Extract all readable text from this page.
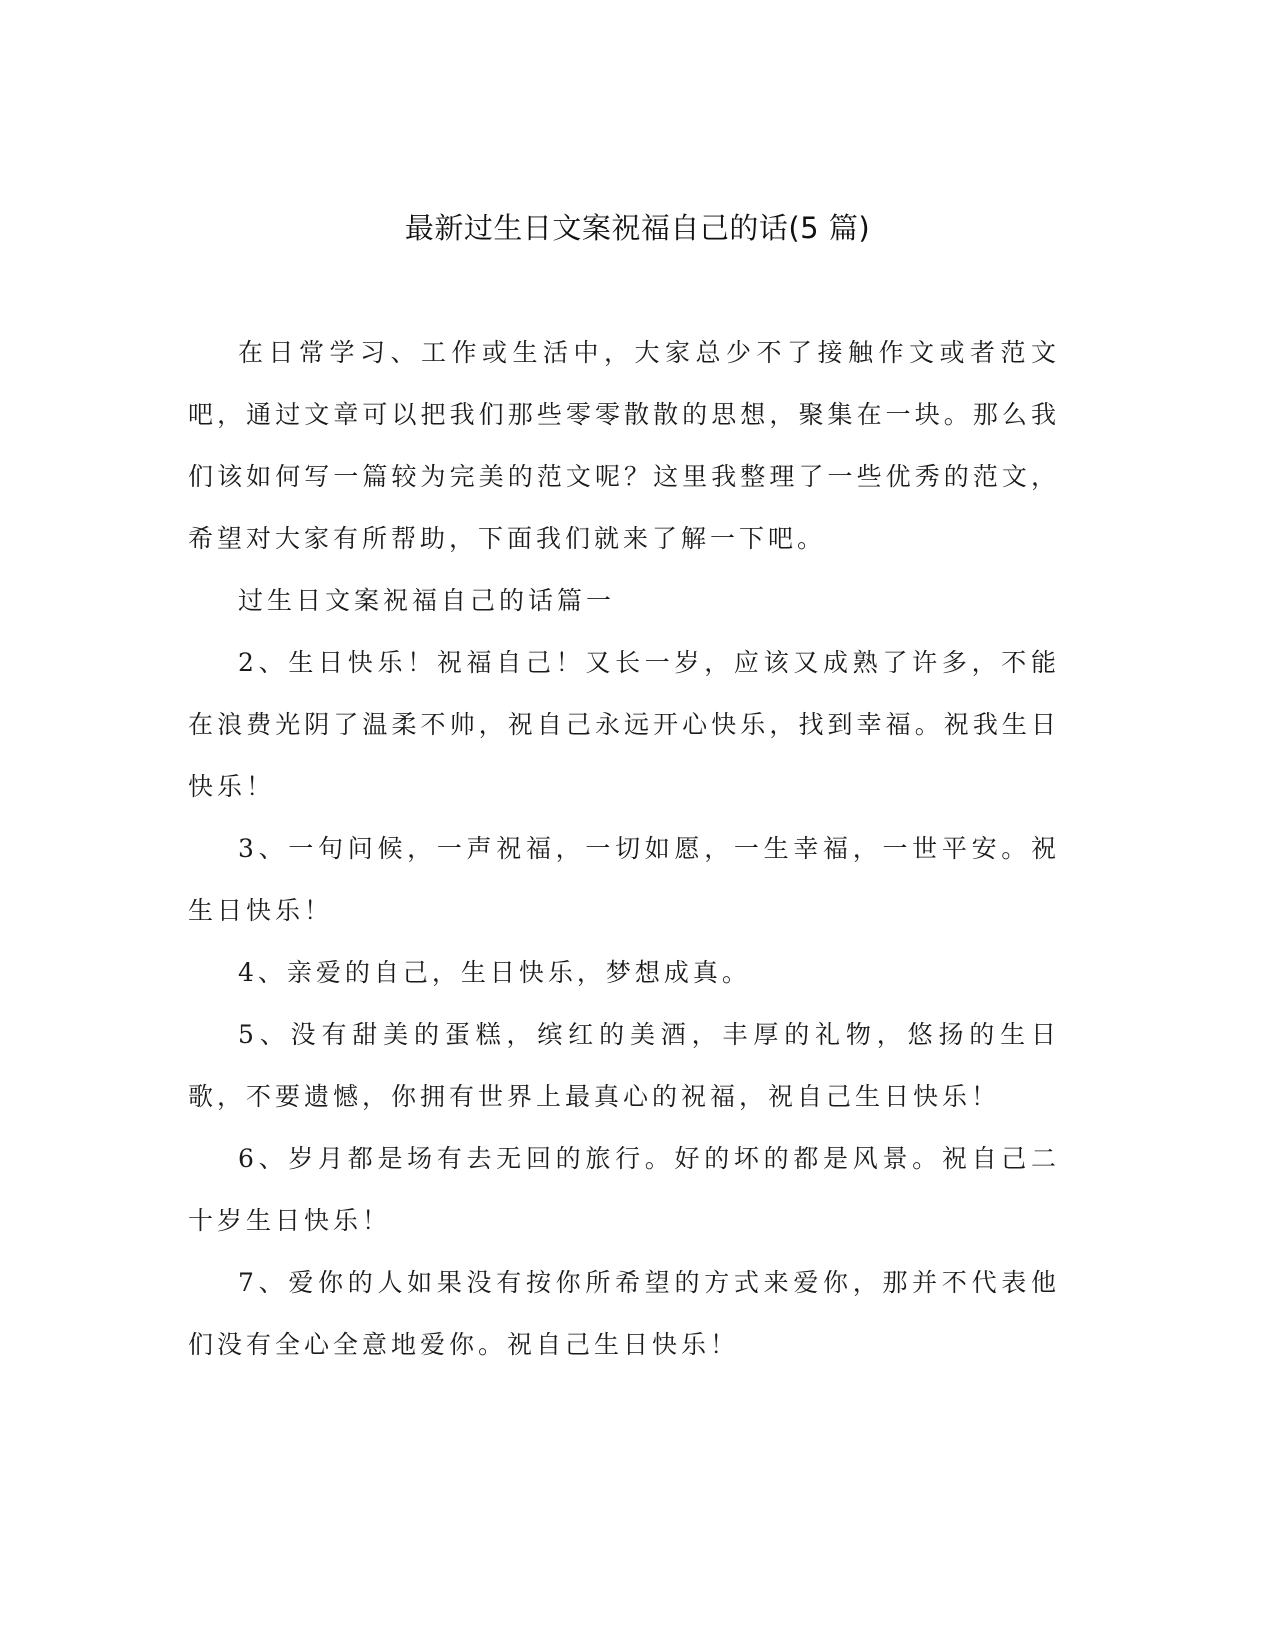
最新过生日文案祝福自己的话(5 篇)

在日常学习、工作或生活中，大家总少不了接触作文或者范文吧，通过文章可以把我们那些零零散散的思想，聚集在一块。那么我们该如何写一篇较为完美的范文呢？这里我整理了一些优秀的范文，希望对大家有所帮助，下面我们就来了解一下吧。

过生日文案祝福自己的话篇一

2、生日快乐！祝福自己！又长一岁，应该又成熟了许多，不能在浪费光阴了温柔不帅，祝自己永远开心快乐，找到幸福。祝我生日快乐！

3、一句问候，一声祝福，一切如愿，一生幸福，一世平安。祝生日快乐！

4、亲爱的自己，生日快乐，梦想成真。

5、没有甜美的蛋糕，缤红的美酒，丰厚的礼物，悠扬的生日歌，不要遗憾，你拥有世界上最真心的祝福，祝自己生日快乐！

6、岁月都是场有去无回的旅行。好的坏的都是风景。祝自己二十岁生日快乐！

7、爱你的人如果没有按你所希望的方式来爱你，那并不代表他们没有全心全意地爱你。祝自己生日快乐！
